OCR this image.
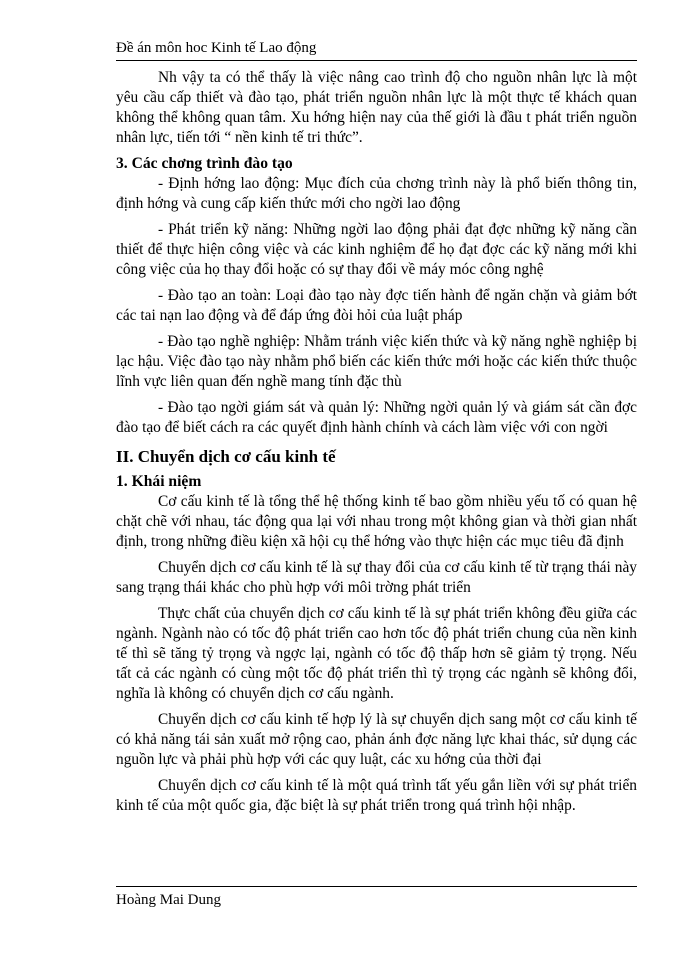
Đề án môn hoc Kinh tế Lao động

Nh vậy ta có thể thấy là việc nâng cao trình độ cho nguồn nhân lực là một yêu cầu cấp thiết và đào tạo, phát triển nguồn nhân lực là một thực tế khách quan không thể không quan tâm. Xu hớng hiện nay của thế giới là đầu t phát triển nguồn nhân lực, tiến tới “ nền kinh tế tri thức”.

3. Các chơng trình đào tạo

- Định hớng lao động: Mục đích của chơng trình này là phổ biến thông tin, định hớng và cung cấp kiến thức mới cho ngời lao động

- Phát triển kỹ năng: Những ngời lao động phải đạt đợc những kỹ năng cần thiết để thực hiện công việc và các kinh nghiệm để họ đạt đợc các kỹ năng mới khi công việc của họ thay đổi hoặc có sự thay đổi về máy móc công nghệ

- Đào tạo an toàn: Loại đào tạo này đợc tiến hành để ngăn chặn và giảm bớt các tai nạn lao động và để đáp ứng đòi hỏi của luật pháp

- Đào tạo nghề nghiệp: Nhằm tránh việc kiến thức và kỹ năng nghề nghiệp bị lạc hậu. Việc đào tạo này nhằm phổ biến các kiến thức mới hoặc các kiến thức thuộc lĩnh vực liên quan đến nghề mang tính đặc thù

- Đào tạo ngời giám sát và quản lý: Những ngời quản lý và giám sát cần đợc đào tạo để biết cách ra các quyết định hành chính và cách làm việc với con ngời

II. Chuyển dịch cơ cấu kinh tế

1. Khái niệm

Cơ cấu kinh tế là tổng thể hệ thống kinh tế bao gồm nhiều yếu tố có quan hệ chặt chẽ với nhau, tác động qua lại với nhau trong một không gian và thời gian nhất định, trong những điều kiện xã hội cụ thể hớng vào thực hiện các mục tiêu đã định

Chuyển dịch cơ cấu kinh tế là sự thay đổi của cơ cấu kinh tế từ trạng thái này sang trạng thái khác cho phù hợp với môi trờng phát triển

Thực chất của chuyển dịch cơ cấu kinh tế là sự phát triển không đều giữa các ngành. Ngành nào có tốc độ phát triển cao hơn tốc độ phát triển chung của nền kinh tế thì sẽ tăng tỷ trọng và ngợc lại, ngành có tốc độ thấp hơn sẽ giảm tỷ trọng. Nếu tất cả các ngành có cùng một tốc độ phát triển thì tỷ trọng các ngành sẽ không đổi, nghĩa là không có chuyển dịch cơ cấu ngành.

Chuyển dịch cơ cấu kinh tế hợp lý là sự chuyển dịch sang một cơ cấu kinh tế có khả năng tái sản xuất mở rộng cao, phản ánh đợc năng lực khai thác, sử dụng các nguồn lực và phải phù hợp với các quy luật, các xu hớng của thời đại

Chuyển dịch cơ cấu kinh tế là một quá trình tất yếu gắn liền với sự phát triển kinh tế của một quốc gia, đặc biệt là sự phát triển trong quá trình hội nhập.

Hoàng Mai Dung
